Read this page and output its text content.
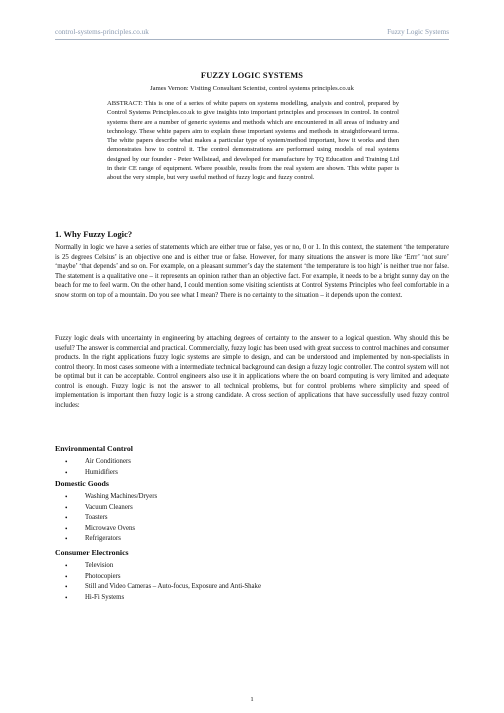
control-systems-principles.co.uk	Fuzzy Logic Systems
FUZZY LOGIC SYSTEMS
James Vernon: Visiting Consultant Scientist, control systems principles.co.uk
ABSTRACT: This is one of a series of white papers on systems modelling, analysis and control, prepared by Control Systems Principles.co.uk to give insights into important principles and processes in control. In control systems there are a number of generic systems and methods which are encountered in all areas of industry and technology. These white papers aim to explain these important systems and methods in straightforward terms. The white papers describe what makes a particular type of system/method important, how it works and then demonstrates how to control it. The control demonstrations are performed using models of real systems designed by our founder - Peter Wellstead, and developed for manufacture by TQ Education and Training Ltd in their CE range of equipment. Where possible, results from the real system are shown. This white paper is about the very simple, but very useful method of fuzzy logic and fuzzy control.
1. Why Fuzzy Logic?
Normally in logic we have a series of statements which are either true or false, yes or no, 0 or 1. In this context, the statement ‘the temperature is 25 degrees Celsius’ is an objective one and is either true or false. However, for many situations the answer is more like ‘Errr’ ‘not sure’ ‘maybe’ ‘that depends’ and so on. For example, on a pleasant summer’s day the statement ‘the temperature is too high’ is neither true nor false. The statement is a qualitative one – it represents an opinion rather than an objective fact. For example, it needs to be a bright sunny day on the beach for me to feel warm. On the other hand, I could mention some visiting scientists at Control Systems Principles who feel comfortable in a snow storm on top of a mountain. Do you see what I mean? There is no certainty to the situation – it depends upon the context.
Fuzzy logic deals with uncertainty in engineering by attaching degrees of certainty to the answer to a logical question. Why should this be useful? The answer is commercial and practical. Commercially, fuzzy logic has been used with great success to control machines and consumer products. In the right applications fuzzy logic systems are simple to design, and can be understood and implemented by non-specialists in control theory. In most cases someone with a intermediate technical background can design a fuzzy logic controller. The control system will not be optimal but it can be acceptable. Control engineers also use it in applications where the on board computing is very limited and adequate control is enough. Fuzzy logic is not the answer to all technical problems, but for control problems where simplicity and speed of implementation is important then fuzzy logic is a strong candidate. A cross section of applications that have successfully used fuzzy control includes:
Environmental Control
• Air Conditioners
• Humidifiers
Domestic Goods
• Washing Machines/Dryers
• Vacuum Cleaners
• Toasters
• Microwave Ovens
• Refrigerators
Consumer Electronics
• Television
• Photocopiers
• Still and Video Cameras – Auto-focus, Exposure and Anti-Shake
• Hi-Fi Systems
1
